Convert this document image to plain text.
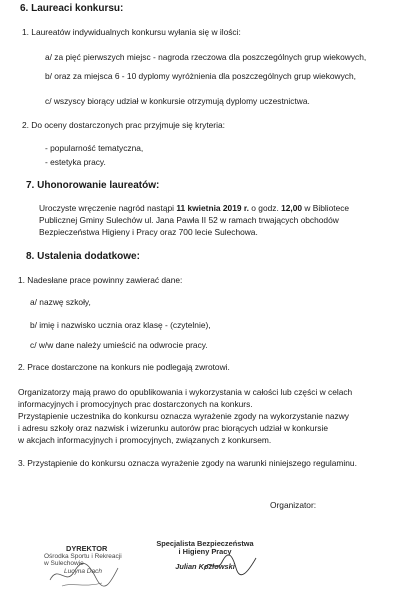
6. Laureaci konkursu:
1. Laureatów indywidualnych konkursu wyłania się w ilości:
a/ za pięć pierwszych miejsc - nagroda rzeczowa dla poszczególnych grup wiekowych,
b/ oraz za miejsca 6 - 10 dyplomy wyróżnienia dla poszczególnych grup wiekowych,
c/ wszyscy biorący udział w konkursie otrzymują dyplomy uczestnictwa.
2. Do oceny dostarczonych prac przyjmuje się kryteria:
- popularność tematyczna,
- estetyka pracy.
7. Uhonorowanie laureatów:
Uroczyste wręczenie nagród nastąpi 11 kwietnia 2019 r. o godz. 12,00 w Bibliotece
Publicznej Gminy Sulechów ul. Jana Pawła II 52 w ramach trwających obchodów
Bezpieczeństwa Higieny i Pracy oraz 700 lecie Sulechowa.
8. Ustalenia dodatkowe:
1. Nadesłane prace powinny zawierać dane:
a/ nazwę szkoły,
b/ imię i nazwisko ucznia oraz klasę - (czytelnie),
c/ w/w dane należy umieścić na odwrocie pracy.
2. Prace dostarczone na konkurs nie podlegają zwrotowi.
Organizatorzy mają prawo do opublikowania i wykorzystania w całości lub części w celach
informacyjnych i promocyjnych prac dostarczonych na konkurs.
Przystąpienie uczestnika do konkursu oznacza wyrażenie zgody na wykorzystanie nazwy
i adresu szkoły oraz nazwisk i wizerunku autorów prac biorących udział w konkursie
w akcjach informacyjnych i promocyjnych, związanych z konkursem.
3. Przystąpienie do konkursu oznacza wyrażenie zgody na warunki niniejszego regulaminu.
Organizator:
DYREKTOR
Ośrodka Sportu i Rekreacji
w Sulechowie
Lucyna Dach
Specjalista Bezpieczeństwa
i Higieny Pracy
Julian Kozłowski
